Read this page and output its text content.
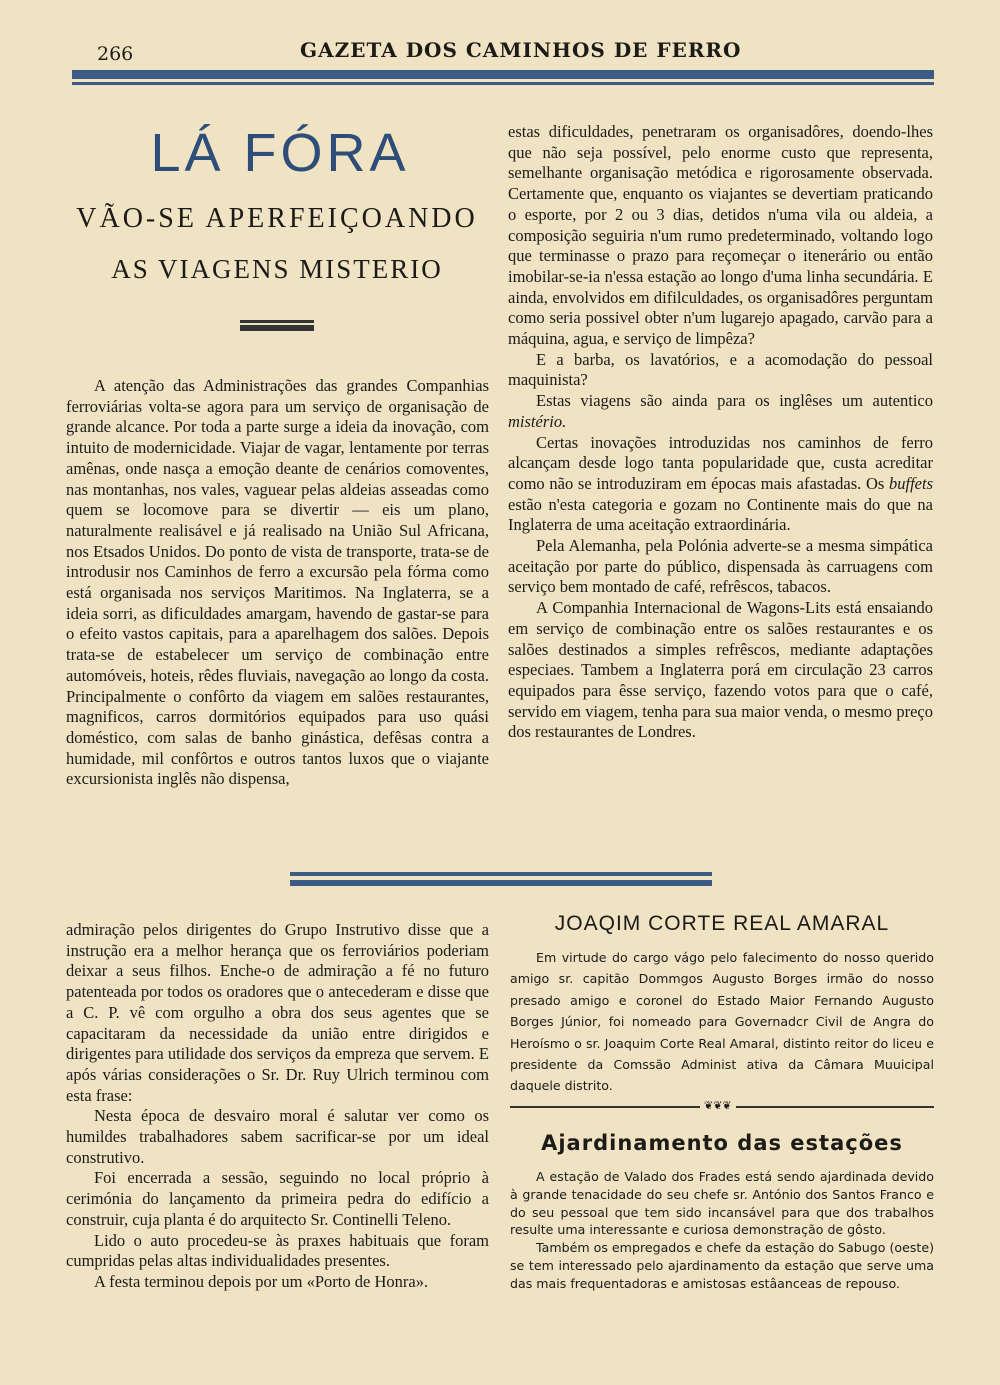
266	GAZETA DOS CAMINHOS DE FERRO
LÁ FÓRA
VÃO-SE APERFEIÇOANDO
AS VIAGENS MISTERIO

A atenção das Administrações das grandes Companhias ferroviárias volta-se agora para um serviço de organisação de grande alcance. Por toda a parte surge a ideia da inovação, com intuito de modernicidade. Viajar de vagar, lentamente por terras amênas, onde nasça a emoção deante de cenários comoventes, nas montanhas, nos vales, vaguear pelas aldeias asseadas como quem se locomove para se divertir — eis um plano, naturalmente realisável e já realisado na União Sul Africana, nos Etsados Unidos. Do ponto de vista de transporte, trata-se de introdusir nos Caminhos de ferro a excursão pela fórma como está organisada nos serviços Maritimos. Na Inglaterra, se a ideia sorri, as dificuldades amargam, havendo de gastar-se para o efeito vastos capitais, para a aparelhagem dos salões. Depois trata-se de estabelecer um serviço de combinação entre automóveis, hoteis, rêdes fluviais, navegação ao longo da costa. Principalmente o confôrto da viagem em salões restaurantes, magnificos, carros dormitórios equipados para uso quási doméstico, com salas de banho ginástica, defêsas contra a humidade, mil confôrtos e outros tantos luxos que o viajante excursionista inglês não dispensa,

estas dificuldades, penetraram os organisadôres, doendo-lhes que não seja possível, pelo enorme custo que representa, semelhante organisação metódica e rigorosamente observada. Certamente que, enquanto os viajantes se devertiam praticando o esporte, por 2 ou 3 dias, detidos n'uma vila ou aldeia, a composição seguiria n'um rumo predeterminado, voltando logo que terminasse o prazo para reçomeçar o itenerário ou então imobilar-se-ia n'essa estação ao longo d'uma linha secundária. E ainda, envolvidos em difilculdades, os organisadôres perguntam como seria possivel obter n'um lugarejo apagado, carvão para a máquina, agua, e serviço de limpêza?

E a barba, os lavatórios, e a acomodação do pessoal maquinista?

Estas viagens são ainda para os inglêses um autentico mistério.

Certas inovações introduzidas nos caminhos de ferro alcançam desde logo tanta popularidade que, custa acreditar como não se introduziram em épocas mais afastadas. Os buffets estão n'esta categoria e gozam no Continente mais do que na Inglaterra de uma aceitação extraordinária.

Pela Alemanha, pela Polónia adverte-se a mesma simpática aceitação por parte do público, dispensada às carruagens com serviço bem montado de café, refrêscos, tabacos.

A Companhia Internacional de Wagons-Lits está ensaiando em serviço de combinação entre os salões restaurantes e os salões destinados a simples refrêscos, mediante adaptações especiaes. Tambem a Inglaterra porá em circulação 23 carros equipados para êsse serviço, fazendo votos para que o café, servido em viagem, tenha para sua maior venda, o mesmo preço dos restaurantes de Londres.

admiração pelos dirigentes do Grupo Instrutivo disse que a instrução era a melhor herança que os ferroviários poderiam deixar a seus filhos. Enche-o de admiração a fé no futuro patenteada por todos os oradores que o antecederam e disse que a C. P. vê com orgulho a obra dos seus agentes que se capacitaram da necessidade da união entre dirigidos e dirigentes para utilidade dos serviços da empreza que servem. E após várias considerações o Sr. Dr. Ruy Ulrich terminou com esta frase:

Nesta época de desvairo moral é salutar ver como os humildes trabalhadores sabem sacrificar-se por um ideal construtivo.

Foi encerrada a sessão, seguindo no local próprio à cerimónia do lançamento da primeira pedra do edifício a construir, cuja planta é do arquitecto Sr. Continelli Teleno.

Lido o auto procedeu-se às praxes habituais que foram cumpridas pelas altas individualidades presentes.

A festa terminou depois por um «Porto de Honra».

JOAQIM CORTE REAL AMARAL

Em virtude do cargo vágo pelo falecimento do nosso querido amigo sr. capitão Dommgos Augusto Borges irmão do nosso presado amigo e coronel do Estado Maior Fernando Augusto Borges Júnior, foi nomeado para Governadcr Civil de Angra do Heroísmo o sr. Joaquim Corte Real Amaral, distinto reitor do liceu e presidente da Comssão Administ ativa da Câmara Muuicipal daquele distrito.

❦❦❦
Ajardinamento das estações

A estação de Valado dos Frades está sendo ajardinada devido à grande tenacidade do seu chefe sr. António dos Santos Franco e do seu pessoal que tem sido incansável para que dos trabalhos resulte uma interessante e curiosa demonstração de gôsto.

Também os empregados e chefe da estação do Sabugo (oeste) se tem interessado pelo ajardinamento da estação que serve uma das mais frequentadoras e amistosas estâanceas de repouso.
